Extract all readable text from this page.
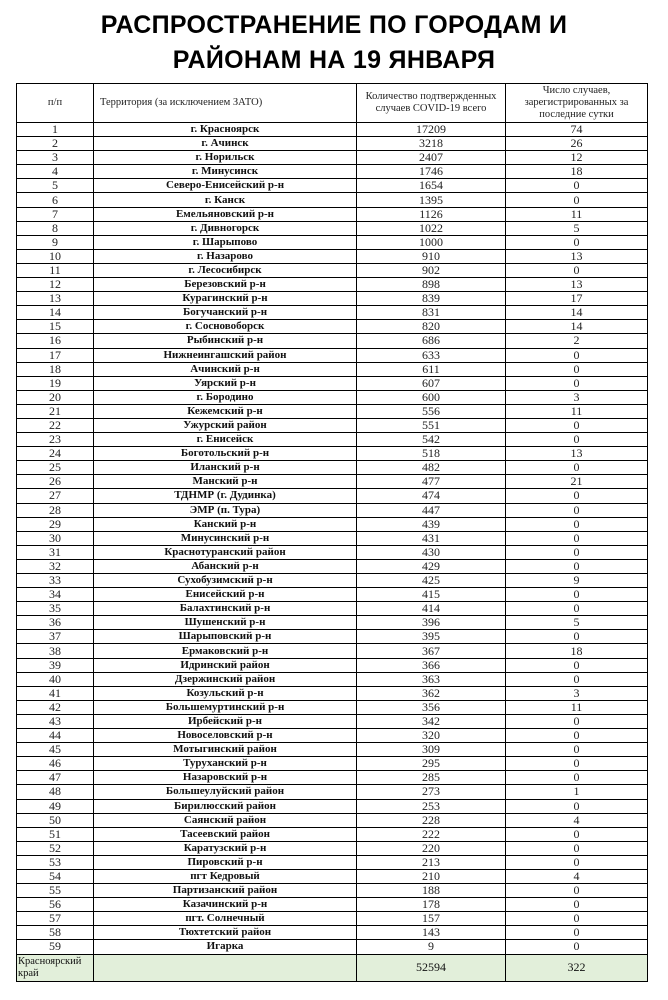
РАСПРОСТРАНЕНИЕ ПО ГОРОДАМ И
РАЙОНАМ НА 19 ЯНВАРЯ
п/п	Территория (за исключением ЗАТО)	Количество подтвержденных случаев COVID-19 всего	Число случаев, зарегистрированных за последние сутки
1	г. Красноярск	17209	74
2	г. Ачинск	3218	26
3	г. Норильск	2407	12
4	г. Минусинск	1746	18
5	Северо-Енисейский р-н	1654	0
6	г. Канск	1395	0
7	Емельяновский р-н	1126	11
8	г. Дивногорск	1022	5
9	г. Шарыпово	1000	0
10	г. Назарово	910	13
11	г. Лесосибирск	902	0
12	Березовский р-н	898	13
13	Курагинский р-н	839	17
14	Богучанский р-н	831	14
15	г. Сосновоборск	820	14
16	Рыбинский р-н	686	2
17	Нижнеингашский район	633	0
18	Ачинский р-н	611	0
19	Уярский р-н	607	0
20	г. Бородино	600	3
21	Кежемский р-н	556	11
22	Ужурский район	551	0
23	г. Енисейск	542	0
24	Боготольский р-н	518	13
25	Иланский р-н	482	0
26	Манский р-н	477	21
27	ТДНМР (г. Дудинка)	474	0
28	ЭМР (п. Тура)	447	0
29	Канский р-н	439	0
30	Минусинский р-н	431	0
31	Краснотуранский район	430	0
32	Абанский р-н	429	0
33	Сухобузимский р-н	425	9
34	Енисейский р-н	415	0
35	Балахтинский р-н	414	0
36	Шушенский р-н	396	5
37	Шарыповский р-н	395	0
38	Ермаковский р-н	367	18
39	Идринский район	366	0
40	Дзержинский район	363	0
41	Козульский р-н	362	3
42	Большемуртинский р-н	356	11
43	Ирбейский р-н	342	0
44	Новоселовский р-н	320	0
45	Мотыгинский район	309	0
46	Туруханский р-н	295	0
47	Назаровский р-н	285	0
48	Большеулуйский район	273	1
49	Бирилюсский район	253	0
50	Саянский район	228	4
51	Тасеевский район	222	0
52	Каратузский р-н	220	0
53	Пировский р-н	213	0
54	пгт Кедровый	210	4
55	Партизанский район	188	0
56	Казачинский р-н	178	0
57	пгт. Солнечный	157	0
58	Тюхтетский район	143	0
59	Игарка	9	0
Красноярский край		52594	322
